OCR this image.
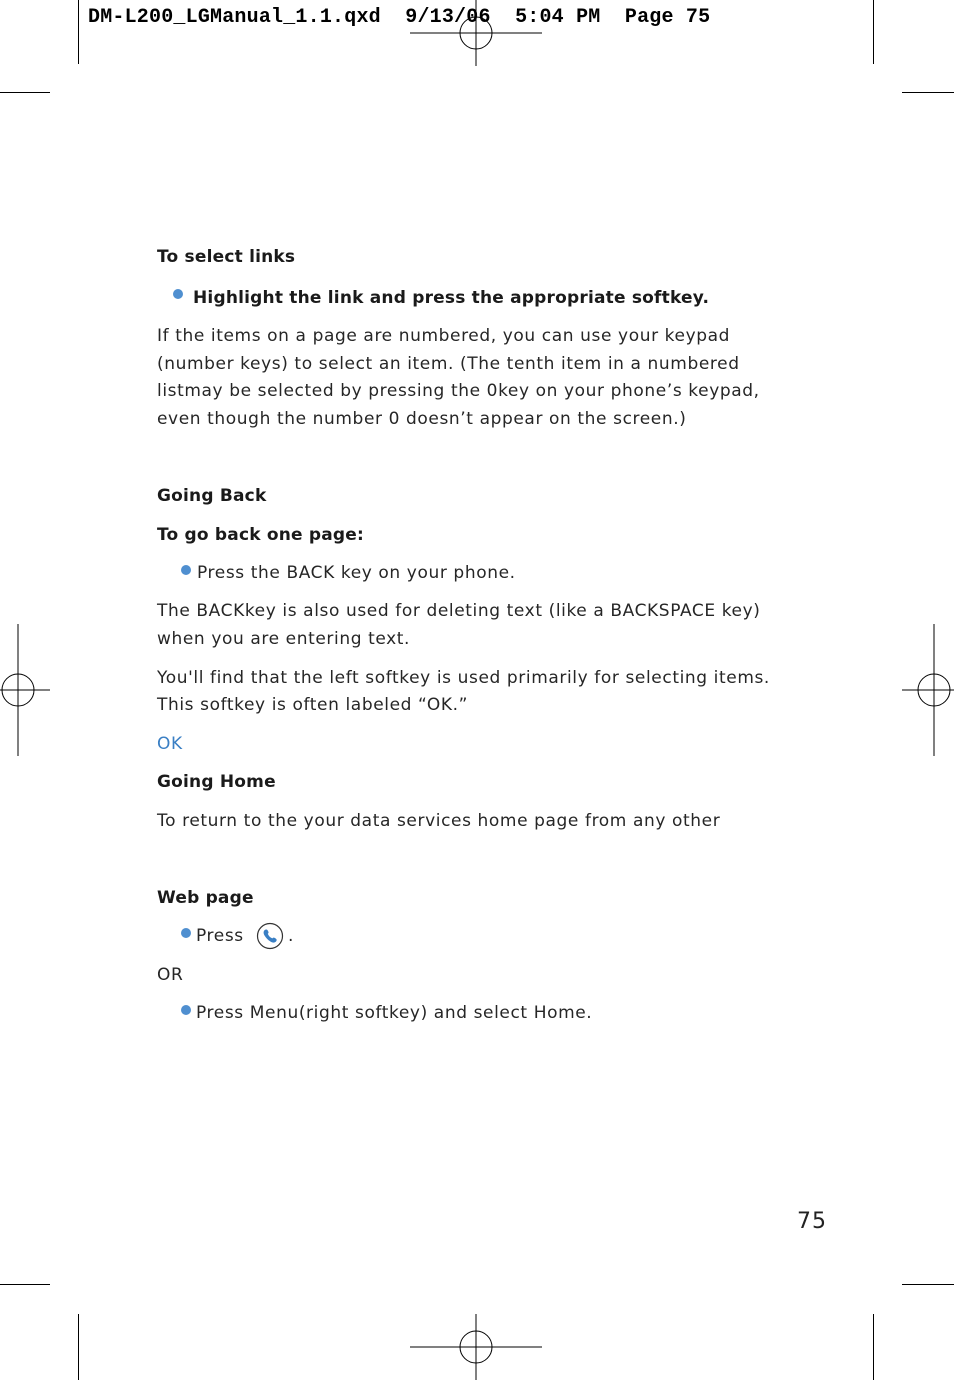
DM-L200_LGManual_1.1.qxd  9/13/06  5:04 PM  Page 75
To select links
Highlight the link and press the appropriate softkey.
If the items on a page are numbered, you can use your keypad
(number keys) to select an item. (The tenth item in a numbered
listmay be selected by pressing the 0key on your phone’s keypad,
even though the number 0 doesn’t appear on the screen.)
Going Back
To go back one page:
Press the BACK key on your phone.
The BACKkey is also used for deleting text (like a BACKSPACE key)
when you are entering text.
You'll find that the left softkey is used primarily for selecting items.
This softkey is often labeled “OK.”
OK
Going Home
To return to the your data services home page from any other
Web page
Press	.
OR
Press Menu(right softkey) and select Home.
75
